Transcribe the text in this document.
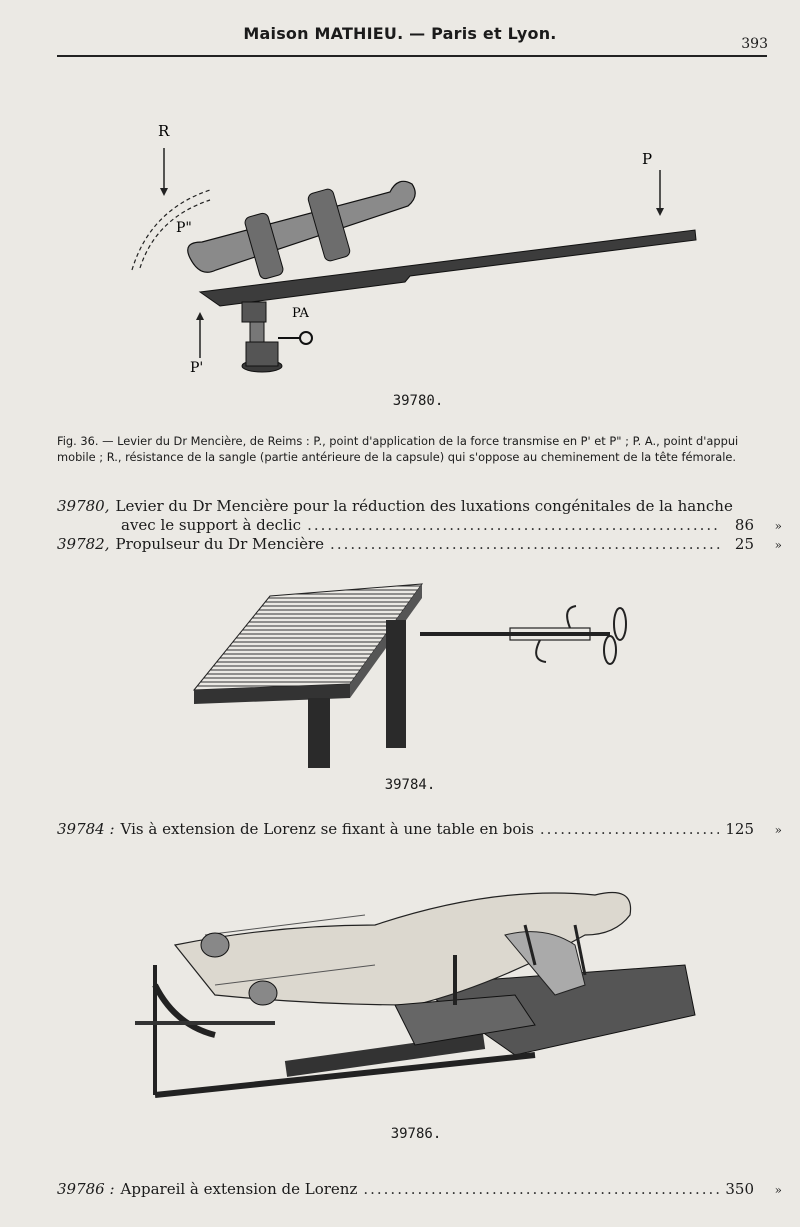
Maison MATHIEU. — Paris et Lyon.
393
R
P
P"
P'
PA
39780.
Fig. 36. — Levier du Dr Mencière, de Reims : P., point d'application de la force transmise en P' et P" ; P. A., point d'appui mobile ; R., résistance de la sangle (partie antérieure de la capsule) qui s'oppose au cheminement de la tête fémorale.
39780, Levier du Dr Mencière pour la réduction des luxations congénitales de la hanche
avec le support à declic .....	86	»
39782, Propulseur du Dr Mencière .....	25	»
39784.
39784 : Vis à extension de Lorenz se fixant à une table en bois .....	125	»
39786.
39786 : Appareil à extension de Lorenz .....	350	»
